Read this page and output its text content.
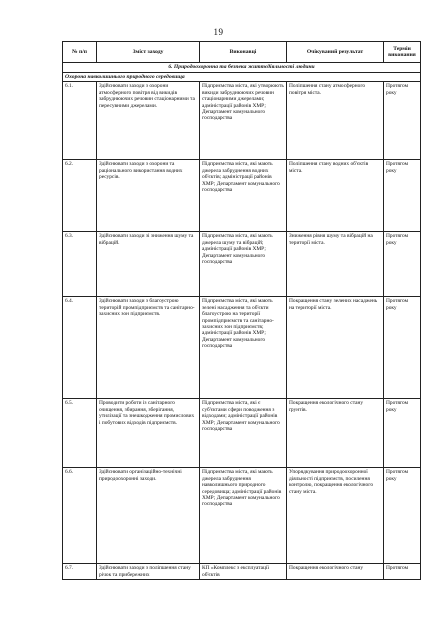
19
№ п/п	Зміст заходу	Виконавці	Очікуваний результат	Термін виконання
6. Природоохоронна та безпека життєдіяльності людини				
Охорона навколишнього природного середовища				
6.1.	Здійснювати заходи з охорони атмосферного повітря від викидів забруднюючих речовин стаціонарними та пересувними джерелами.	Підприємства міста, які утворюють викиди забруднюючих речовин стаціонарними джерелами; адміністрації районів ХМР; Департамент комунального господарства	Поліпшення стану атмосферного повітря міста.	Протягом року
6.2.	Здійснювати заходи з охорони та раціонального використання водних ресурсів.	Підприємства міста, які мають джерела забруднення водних об'єктів; адміністрації районів ХМР; Департамент комунального господарства	Поліпшення стану водних об'єктів міста.	Протягом року
6.3.	Здійснювати заходи зі зниження шуму та вібрацій.	Підприємства міста, які мають джерела шуму та вібрацій; адміністрації районів ХМР; Департамент комунального господарства	Зниження рівня шуму та вібрацій на території міста.	Протягом року
6.4.	Здійснювати заходи з благоустрою територій промпідприємств та санітарно-захисних зон підприємств.	Підприємства міста, які мають зелені насадження та об'єкти благоустрою на території промпідприємств та санітарно-захисних зон підприємств; адміністрації районів ХМР; Департамент комунального господарства	Покращення стану зелених насаджень на території міста.	Протягом року
6.5.	Проводити роботи із санітарного очищення, збирання, зберігання, утилізації та знешкодження промислових і побутових відходів підприємств.	Підприємства міста, які є суб'єктами сфери поводження з відходами; адміністрації районів ХМР; Департамент комунального господарства	Покращення екологічного стану ґрунтів.	Протягом року
6.6.	Здійснювати організаційно-технічні природоохоронні заходи.	Підприємства міста, які мають джерела забруднення навколишнього природного середовища; адміністрації районів ХМР; Департамент комунального господарства	Упорядкування природоохоронної діяльності підприємств, посилення контролю, покращення екологічного стану міста.	Протягом року
6.7.	Здійснювати заходи з поліпшення стану річок та прибережних	КП «Комплекс з експлуатації об'єктів	Покращення екологічного стану	Протягом
